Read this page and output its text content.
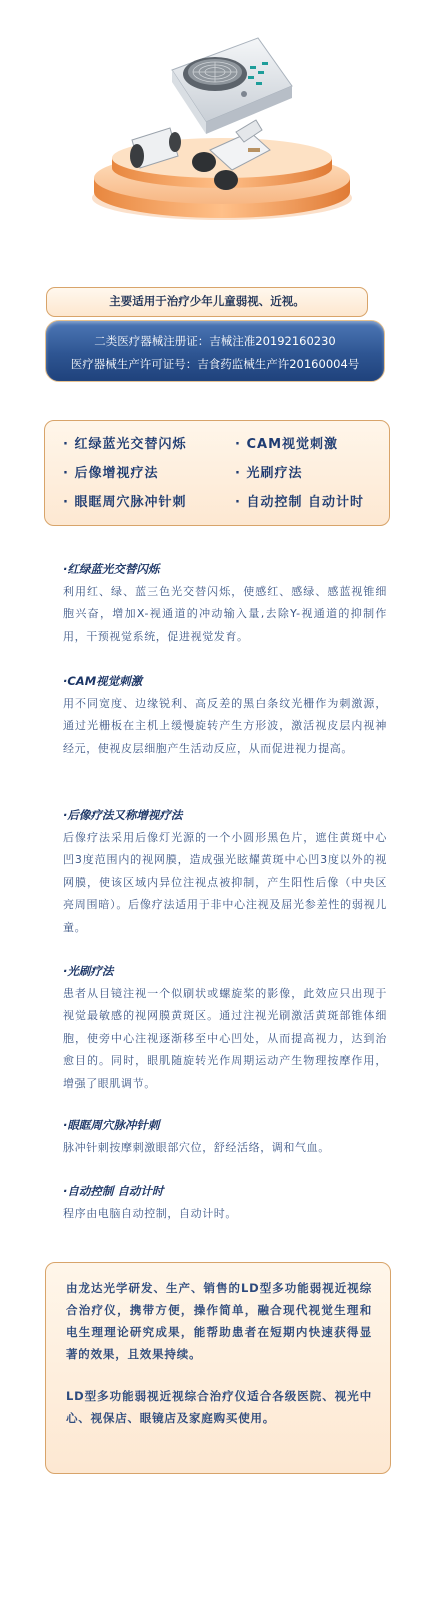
主要适用于治疗少年儿童弱视、近视。
二类医疗器械注册证：吉械注准20192160230
医疗器械生产许可证号：吉食药监械生产许20160004号
· 红绿蓝光交替闪烁	· CAM视觉刺激
· 后像增视疗法	· 光刷疗法
· 眼眶周穴脉冲针刺	· 自动控制 自动计时
·红绿蓝光交替闪烁

利用红、绿、蓝三色光交替闪烁，使感红、感绿、感蓝视锥细胞兴奋，增加X-视通道的冲动输入量,去除Y-视通道的抑制作用，干预视觉系统，促进视觉发育。

·CAM视觉刺激

用不同宽度、边缘锐利、高反差的黑白条纹光栅作为刺激源，通过光栅板在主机上缓慢旋转产生方形波，激活视皮层内视神经元，使视皮层细胞产生活动反应，从而促进视力提高。

·后像疗法又称增视疗法

后像疗法采用后像灯光源的一个小圆形黑色片，遮住黄斑中心凹3度范围内的视网膜，造成强光眩耀黄斑中心凹3度以外的视网膜，使该区域内异位注视点被抑制，产生阳性后像（中央区亮周围暗）。后像疗法适用于非中心注视及屈光参差性的弱视儿童。

·光刷疗法

患者从目镜注视一个似刷状或螺旋桨的影像，此效应只出现于视觉最敏感的视网膜黄斑区。通过注视光刷激活黄斑部锥体细胞，使旁中心注视逐渐移至中心凹处，从而提高视力，达到治愈目的。同时，眼肌随旋转光作周期运动产生物理按摩作用，增强了眼肌调节。

·眼眶周穴脉冲针刺

脉冲针刺按摩刺激眼部穴位，舒经活络，调和气血。

·自动控制 自动计时

程序由电脑自动控制，自动计时。

由龙达光学研发、生产、销售的LD型多功能弱视近视综合治疗仪，携带方便，操作简单，融合现代视觉生理和电生理理论研究成果，能帮助患者在短期内快速获得显著的效果，且效果持续。

LD型多功能弱视近视综合治疗仪适合各级医院、视光中心、视保店、眼镜店及家庭购买使用。
